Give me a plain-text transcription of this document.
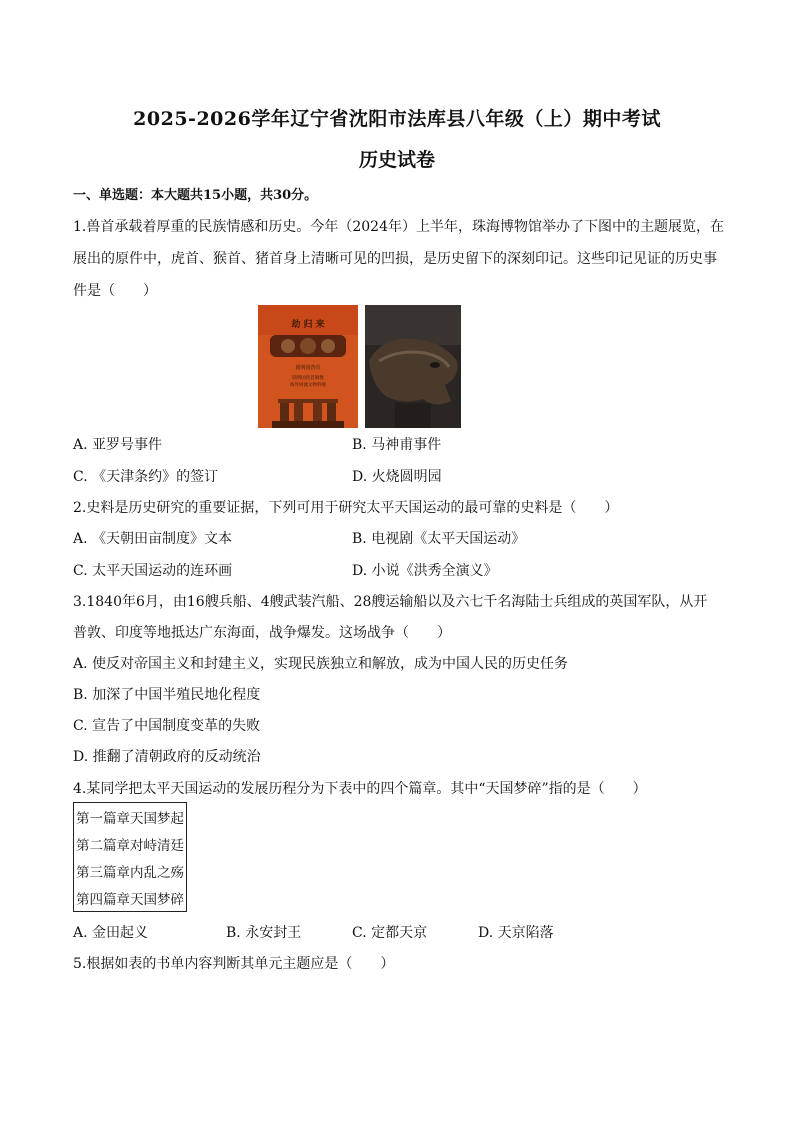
2025-2026学年辽宁省沈阳市法库县八年级（上）期中考试
历史试卷
一、单选题：本大题共15小题，共30分。
1.兽首承载着厚重的民族情感和历史。今年（2024年）上半年，珠海博物馆举办了下图中的主题展览，在
展出的原件中，虎首、猴首、猪首身上清晰可见的凹损，是历史留下的深刻印记。这些印记见证的历史事
件是（　　）
劫 归 来
圆明园兽首
圆明园兽首铜像
海外回流文物特展
A. 亚罗号事件	B. 马神甫事件
C. 《天津条约》的签订	D. 火烧圆明园
2.史料是历史研究的重要证据，下列可用于研究太平天国运动的最可靠的史料是（　　）
A. 《天朝田亩制度》文本	B. 电视剧《太平天国运动》
C. 太平天国运动的连环画	D. 小说《洪秀全演义》
3.1840年6月，由16艘兵船、4艘武装汽船、28艘运输船以及六七千名海陆士兵组成的英国军队，从开
普敦、印度等地抵达广东海面，战争爆发。这场战争（　　）
A. 使反对帝国主义和封建主义，实现民族独立和解放，成为中国人民的历史任务
B. 加深了中国半殖民地化程度
C. 宣告了中国制度变革的失败
D. 推翻了清朝政府的反动统治
4.某同学把太平天国运动的发展历程分为下表中的四个篇章。其中“天国梦碎”指的是（　　）
第一篇章天国梦起
第二篇章对峙清廷
第三篇章内乱之殇
第四篇章天国梦碎
A. 金田起义	B. 永安封王	C. 定都天京	D. 天京陷落
5.根据如表的书单内容判断其单元主题应是（　　）
